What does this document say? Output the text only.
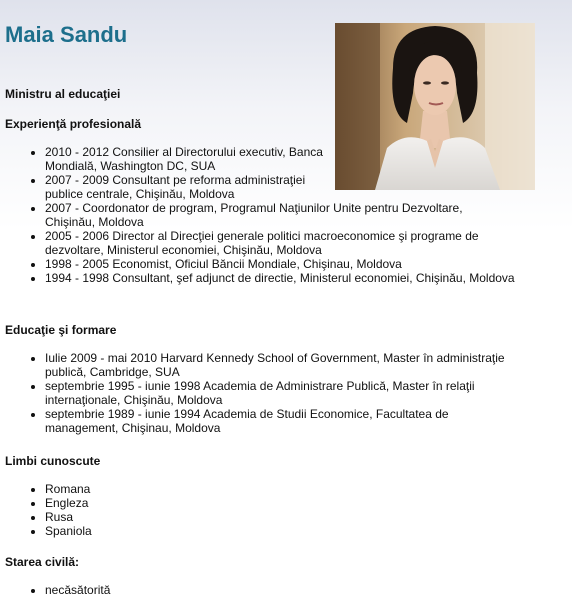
Maia Sandu

Ministru al educaţiei

Experienţă profesională

• 2010 - 2012 Consilier al Directorului executiv, Banca Mondială, Washington DC, SUA
• 2007 - 2009 Consultant pe reforma administraţiei publice centrale, Chişinău, Moldova
• 2007 - Coordonator de program, Programul Naţiunilor Unite pentru Dezvoltare, Chişinău, Moldova
• 2005 - 2006 Director al Direcţiei generale politici macroeconomice şi programe de dezvoltare, Ministerul economiei, Chişinău, Moldova
• 1998 - 2005 Economist, Oficiul Băncii Mondiale, Chişinau, Moldova
• 1994 - 1998 Consultant, şef adjunct de directie, Ministerul economiei, Chişinău, Moldova

Educaţie şi formare

• Iulie 2009 - mai 2010 Harvard Kennedy School of Government, Master în administraţie publică, Cambridge, SUA
• septembrie 1995 - iunie 1998 Academia de Administrare Publică, Master în relaţii internaţionale, Chişinău, Moldova
• septembrie 1989 - iunie 1994 Academia de Studii Economice, Facultatea de management, Chişinau, Moldova

Limbi cunoscute

• Romana
• Engleza
• Rusa
• Spaniola

Starea civilă:

• necăsătorită
